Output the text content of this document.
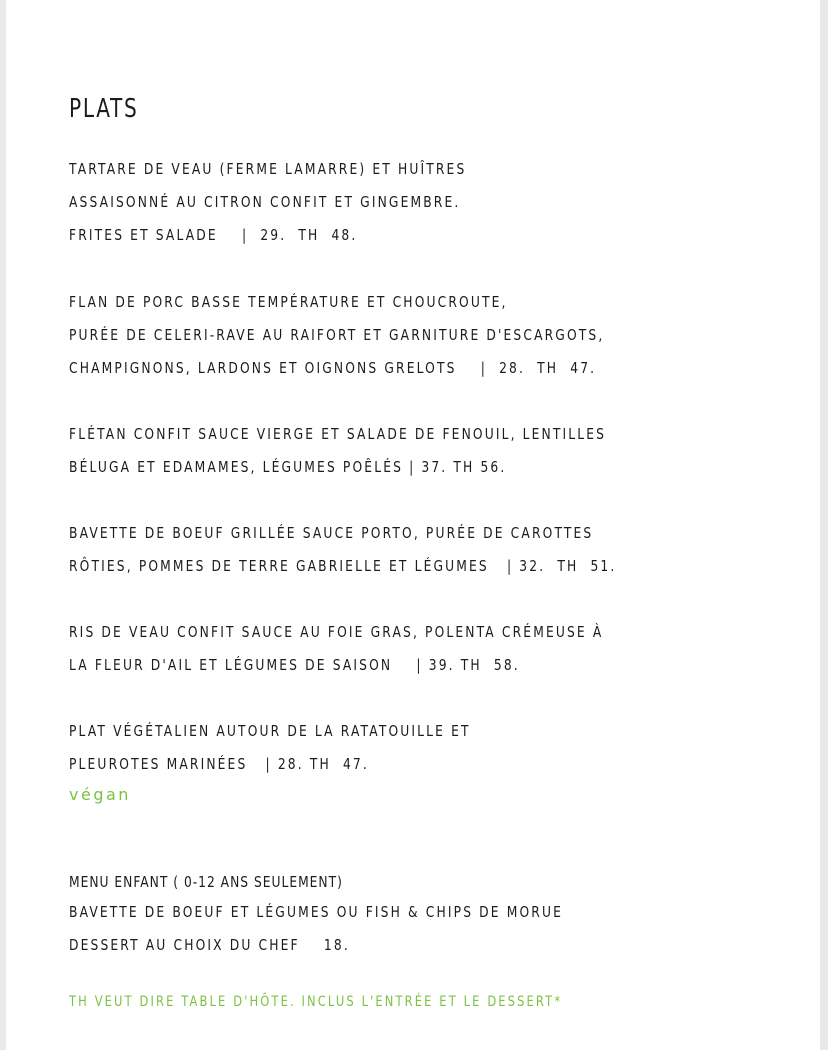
PLATS
TARTARE DE VEAU (FERME LAMARRE) ET HUÎTRES
ASSAISONNÉ AU CITRON CONFIT ET GINGEMBRE.
FRITES ET SALADE    |  29.  TH  48.
FLAN DE PORC BASSE TEMPÉRATURE ET CHOUCROUTE,
PURÉE DE CELERI-RAVE AU RAIFORT ET GARNITURE D'ESCARGOTS,
CHAMPIGNONS, LARDONS ET OIGNONS GRELOTS    |  28.  TH  47.
FLÉTAN CONFIT SAUCE VIERGE ET SALADE DE FENOUIL, LENTILLES
BÉLUGA ET EDAMAMES, LÉGUMES POÊLÉS | 37. TH 56.
BAVETTE DE BOEUF GRILLÉE SAUCE PORTO, PURÉE DE CAROTTES
RÔTIES, POMMES DE TERRE GABRIELLE ET LÉGUMES   | 32.  TH  51.
RIS DE VEAU CONFIT SAUCE AU FOIE GRAS, POLENTA CRÉMEUSE À
LA FLEUR D'AIL ET LÉGUMES DE SAISON    | 39. TH  58.
PLAT VÉGÉTALIEN AUTOUR DE LA RATATOUILLE ET
PLEUROTES MARINÉES   | 28. TH  47.
végan
MENU ENFANT ( 0-12 ANS SEULEMENT)
BAVETTE DE BOEUF ET LÉGUMES OU FISH & CHIPS DE MORUE
DESSERT AU CHOIX DU CHEF    18.
TH VEUT DIRE TABLE D'HÔTE. INCLUS L'ENTRÉE ET LE DESSERT*
